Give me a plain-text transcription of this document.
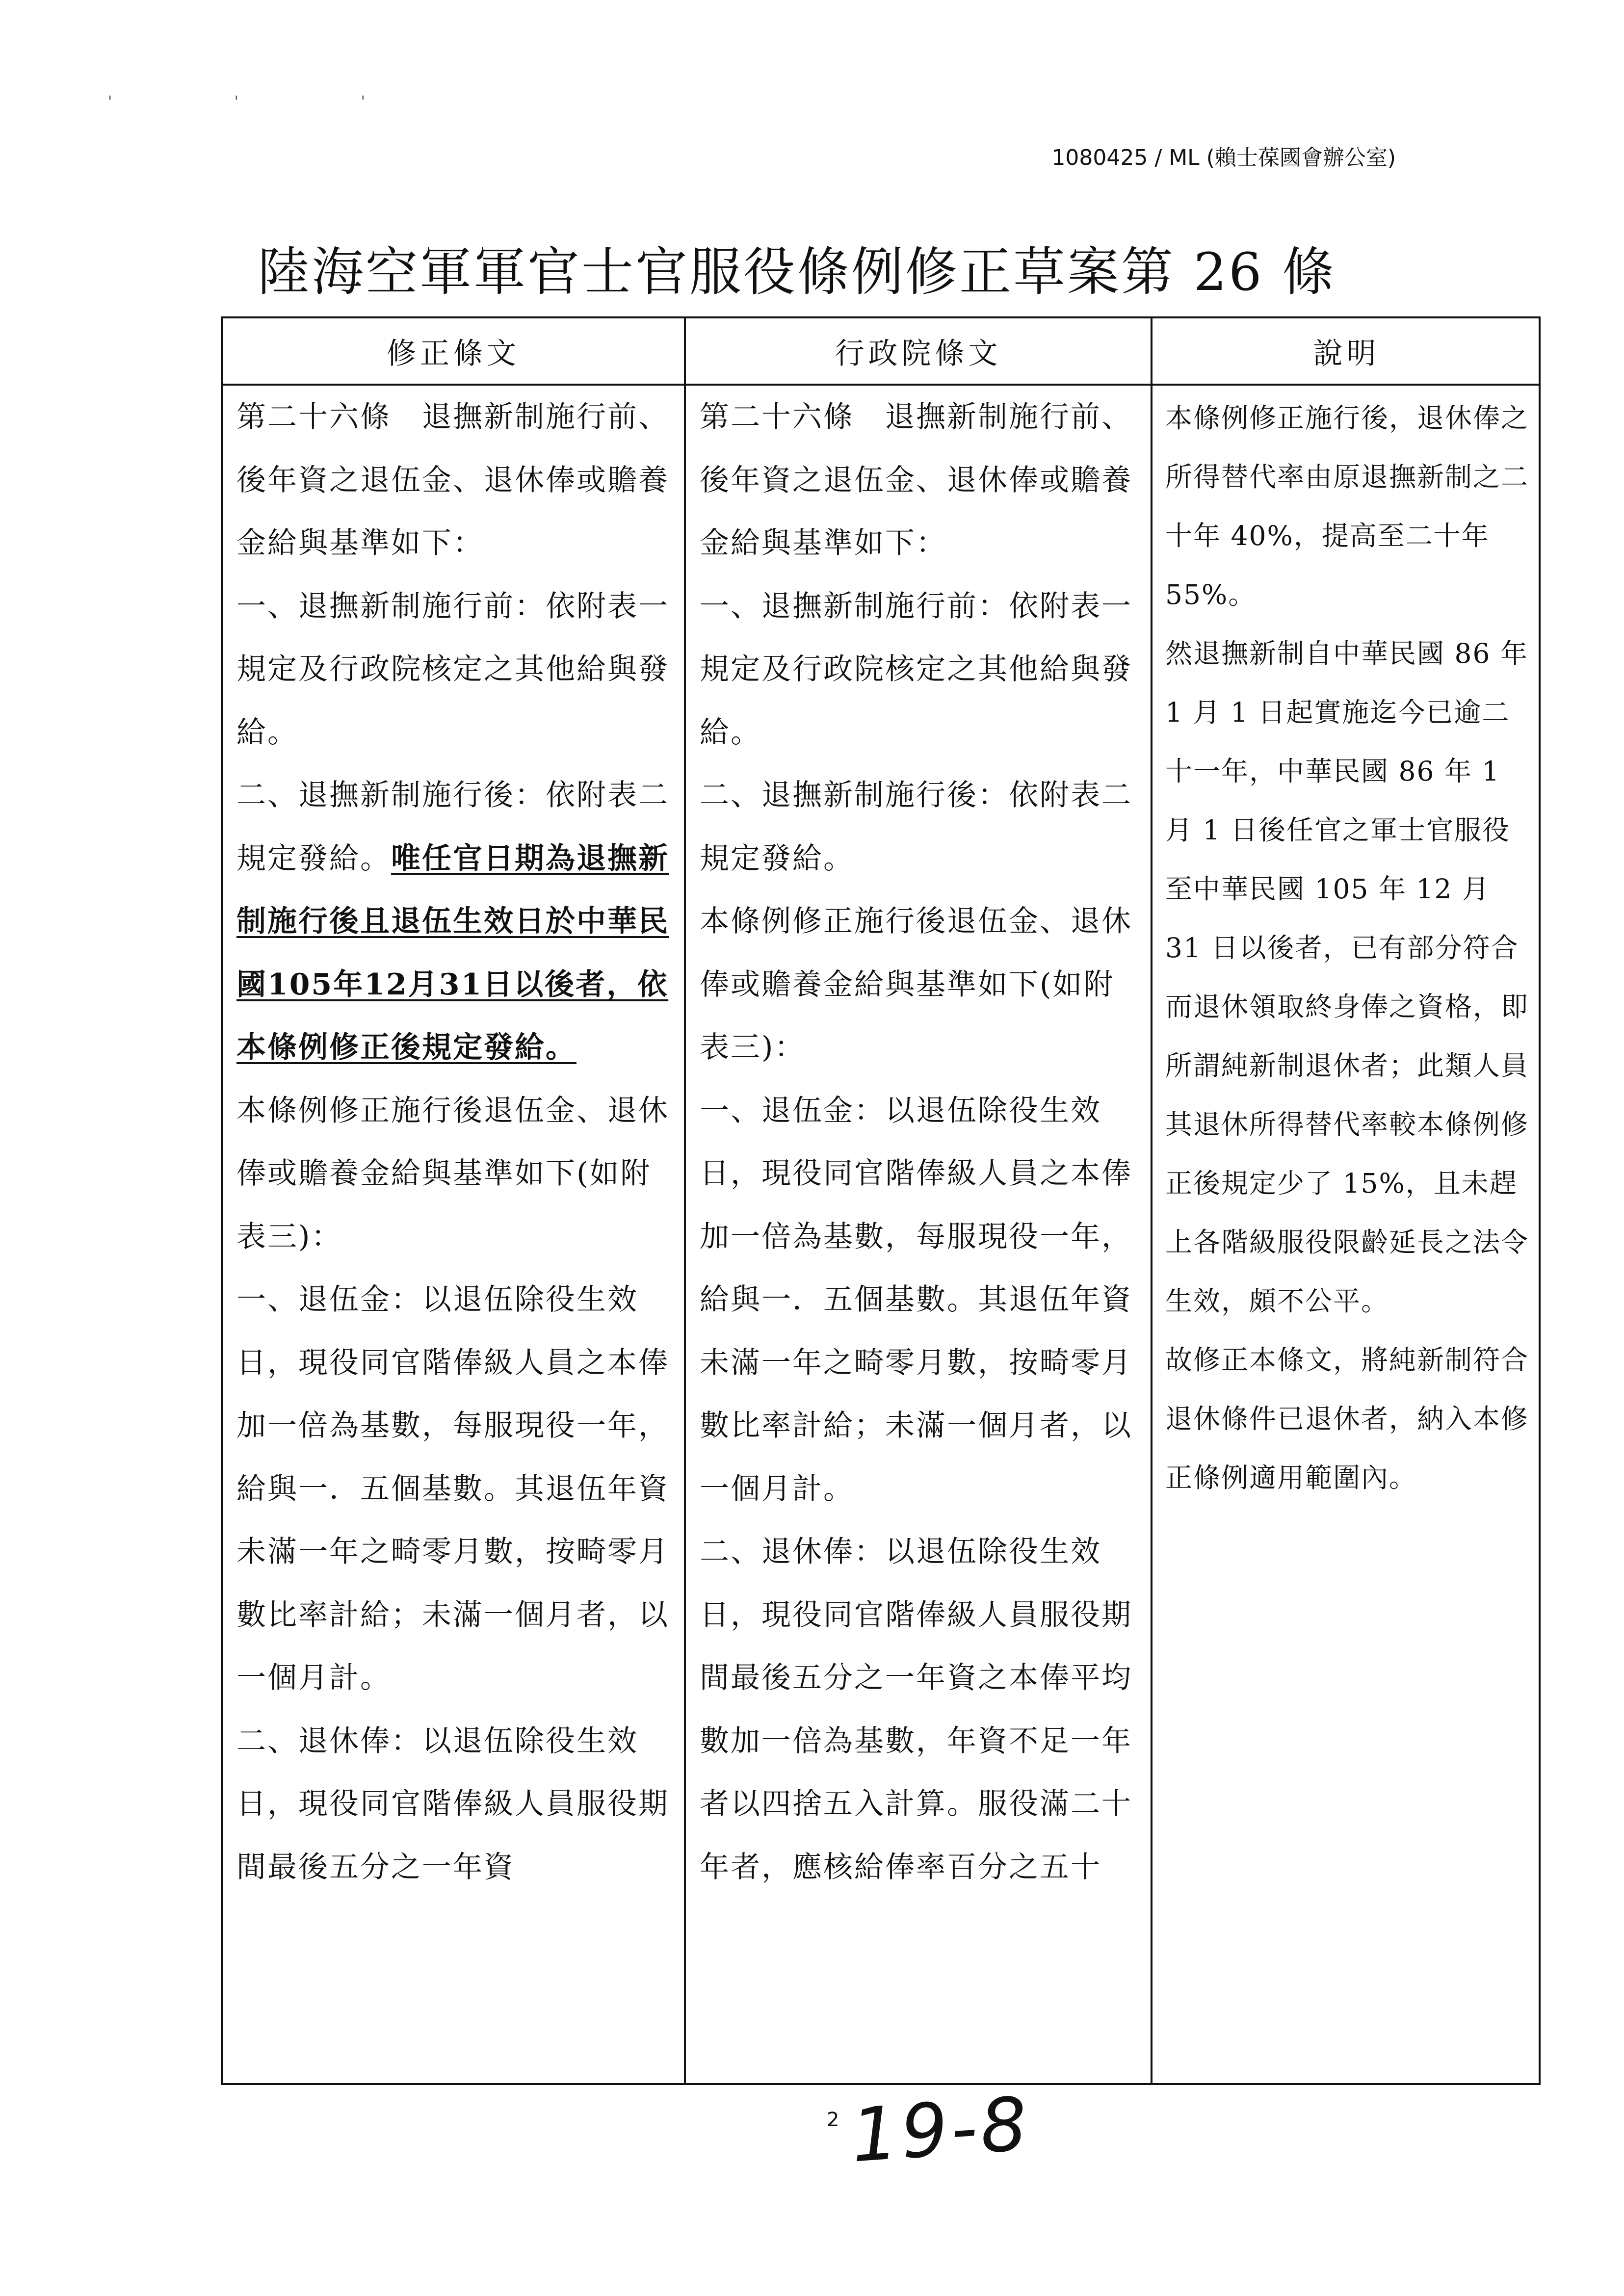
' ' '
1080425 / ML (賴士葆國會辦公室)
陸海空軍軍官士官服役條例修正草案第 26 條
修正條文	行政院條文	說明

第二十六條　退撫新制施行前、後年資之退伍金、退休俸或贍養金給與基準如下：

一、退撫新制施行前：依附表一規定及行政院核定之其他給與發給。

二、退撫新制施行後：依附表二規定發給。唯任官日期為退撫新制施行後且退伍生效日於中華民國105年12月31日以後者，依本條例修正後規定發給。

本條例修正施行後退伍金、退休俸或贍養金給與基準如下(如附表三)：

一、退伍金：以退伍除役生效日，現役同官階俸級人員之本俸加一倍為基數，每服現役一年，給與一．五個基數。其退伍年資未滿一年之畸零月數，按畸零月數比率計給；未滿一個月者，以一個月計。

二、退休俸：以退伍除役生效日，現役同官階俸級人員服役期間最後五分之一年資

第二十六條　退撫新制施行前、後年資之退伍金、退休俸或贍養金給與基準如下：

一、退撫新制施行前：依附表一規定及行政院核定之其他給與發給。

二、退撫新制施行後：依附表二規定發給。

本條例修正施行後退伍金、退休俸或贍養金給與基準如下(如附表三)：

一、退伍金：以退伍除役生效日，現役同官階俸級人員之本俸加一倍為基數，每服現役一年，給與一．五個基數。其退伍年資未滿一年之畸零月數，按畸零月數比率計給；未滿一個月者，以一個月計。

二、退休俸：以退伍除役生效日，現役同官階俸級人員服役期間最後五分之一年資之本俸平均數加一倍為基數，年資不足一年者以四捨五入計算。服役滿二十年者，應核給俸率百分之五十

本條例修正施行後，退休俸之所得替代率由原退撫新制之二十年 40%，提高至二十年 55%。

然退撫新制自中華民國 86 年 1 月 1 日起實施迄今已逾二十一年，中華民國 86 年 1 月 1 日後任官之軍士官服役至中華民國 105 年 12 月 31 日以後者，已有部分符合而退休領取終身俸之資格，即所謂純新制退休者；此類人員其退休所得替代率較本條例修正後規定少了 15%，且未趕上各階級服役限齡延長之法令生效，頗不公平。

故修正本條文，將純新制符合退休條件已退休者，納入本修正條例適用範圍內。

2 19-8
